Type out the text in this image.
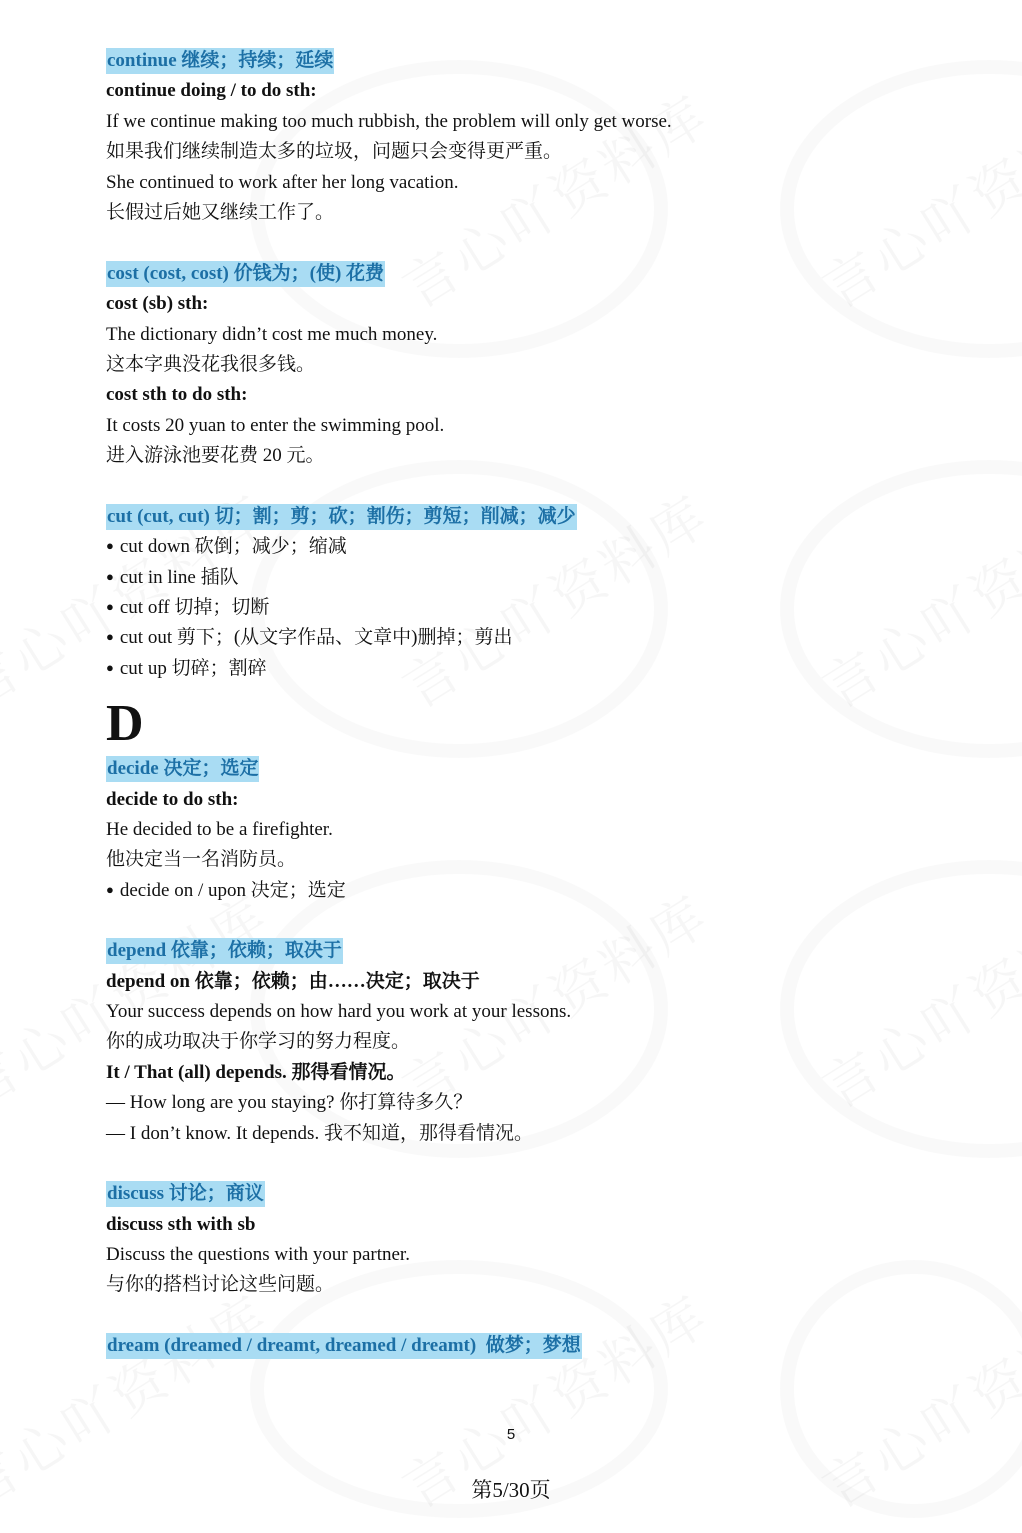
continue 继续；持续；延续
continue doing / to do sth:
If we continue making too much rubbish, the problem will only get worse.
如果我们继续制造太多的垃圾，问题只会变得更严重。
She continued to work after her long vacation.
长假过后她又继续工作了。
cost (cost, cost) 价钱为；(使) 花费
cost (sb) sth:
The dictionary didn’t cost me much money.
这本字典没花我很多钱。
cost sth to do sth:
It costs 20 yuan to enter the swimming pool.
进入游泳池要花费 20 元。
cut (cut, cut) 切；割；剪；砍；割伤；剪短；削减；减少
● cut down 砍倒；减少；缩减
● cut in line 插队
● cut off 切掉；切断
● cut out 剪下；(从文字作品、文章中)删掉；剪出
● cut up 切碎；割碎
D
decide 决定；选定
decide to do sth:
He decided to be a firefighter.
他决定当一名消防员。
● decide on / upon 决定；选定
depend 依靠；依赖；取决于
depend on 依靠；依赖；由……决定；取决于
Your success depends on how hard you work at your lessons.
你的成功取决于你学习的努力程度。
It / That (all) depends. 那得看情况。
— How long are you staying? 你打算待多久？
— I don’t know. It depends. 我不知道，那得看情况。
discuss 讨论；商议
discuss sth with sb
Discuss the questions with your partner.
与你的搭档讨论这些问题。
dream (dreamed / dreamt, dreamed / dreamt)  做梦；梦想
5
第5/30页
